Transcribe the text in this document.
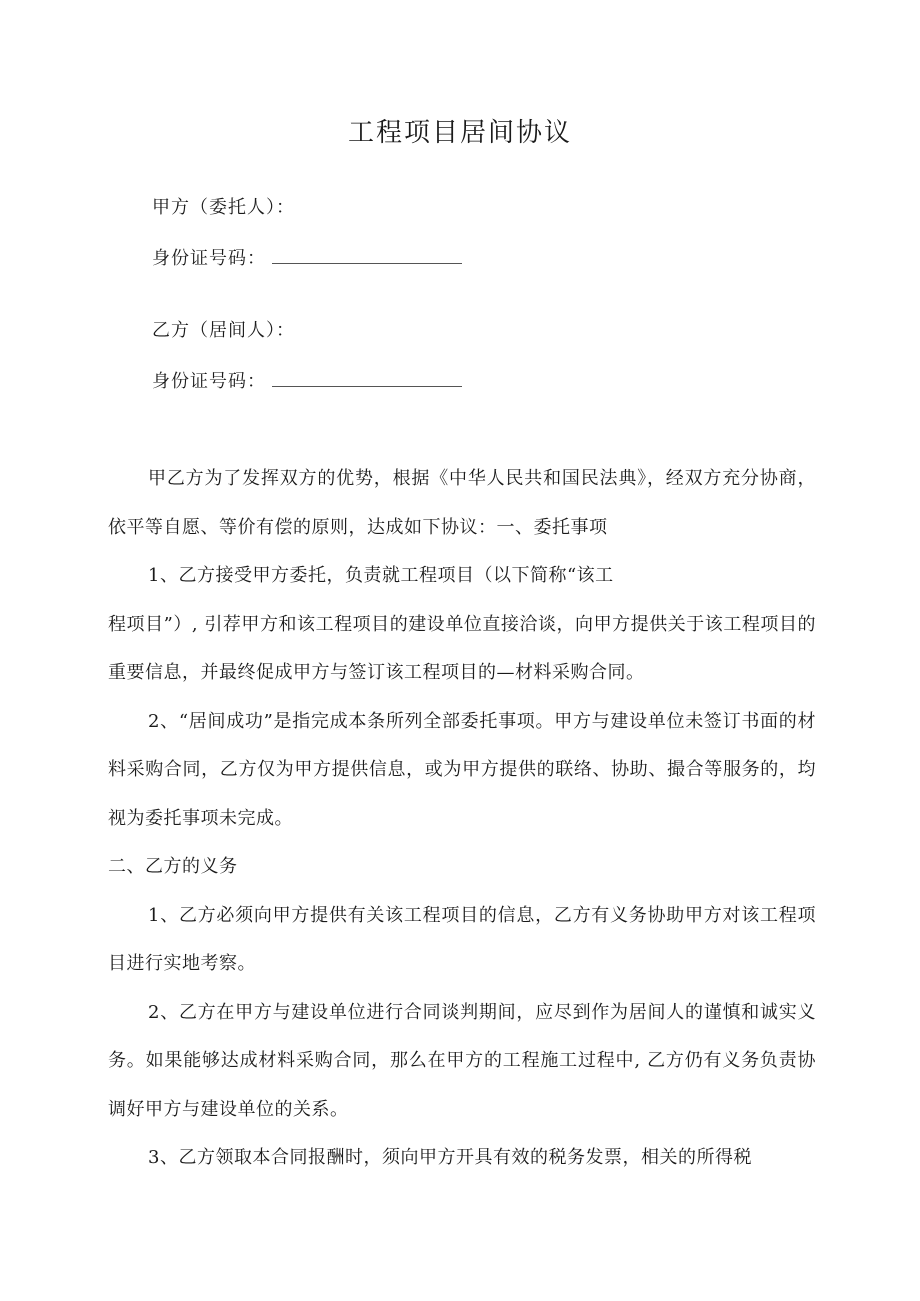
工程项目居间协议
甲方（委托人）：
身份证号码：
乙方（居间人）：
身份证号码：

甲乙方为了发挥双方的优势，根据《中华人民共和国民法典》，经双方充分协商，依平等自愿、等价有偿的原则，达成如下协议：一、委托事项

1、乙方接受甲方委托，负责就工程项目（以下简称“该工

程项目”）, 引荐甲方和该工程项目的建设单位直接洽谈，向甲方提供关于该工程项目的重要信息，并最终促成甲方与签订该工程项目的—材料采购合同。

2、“居间成功”是指完成本条所列全部委托事项。甲方与建设单位未签订书面的材料采购合同，乙方仅为甲方提供信息，或为甲方提供的联络、协助、撮合等服务的，均视为委托事项未完成。

二、乙方的义务

1、乙方必须向甲方提供有关该工程项目的信息，乙方有义务协助甲方对该工程项目进行实地考察。

2、乙方在甲方与建设单位进行合同谈判期间，应尽到作为居间人的谨慎和诚实义务。如果能够达成材料采购合同，那么在甲方的工程施工过程中, 乙方仍有义务负责协调好甲方与建设单位的关系。

3、乙方领取本合同报酬时，须向甲方开具有效的税务发票，相关的所得税
